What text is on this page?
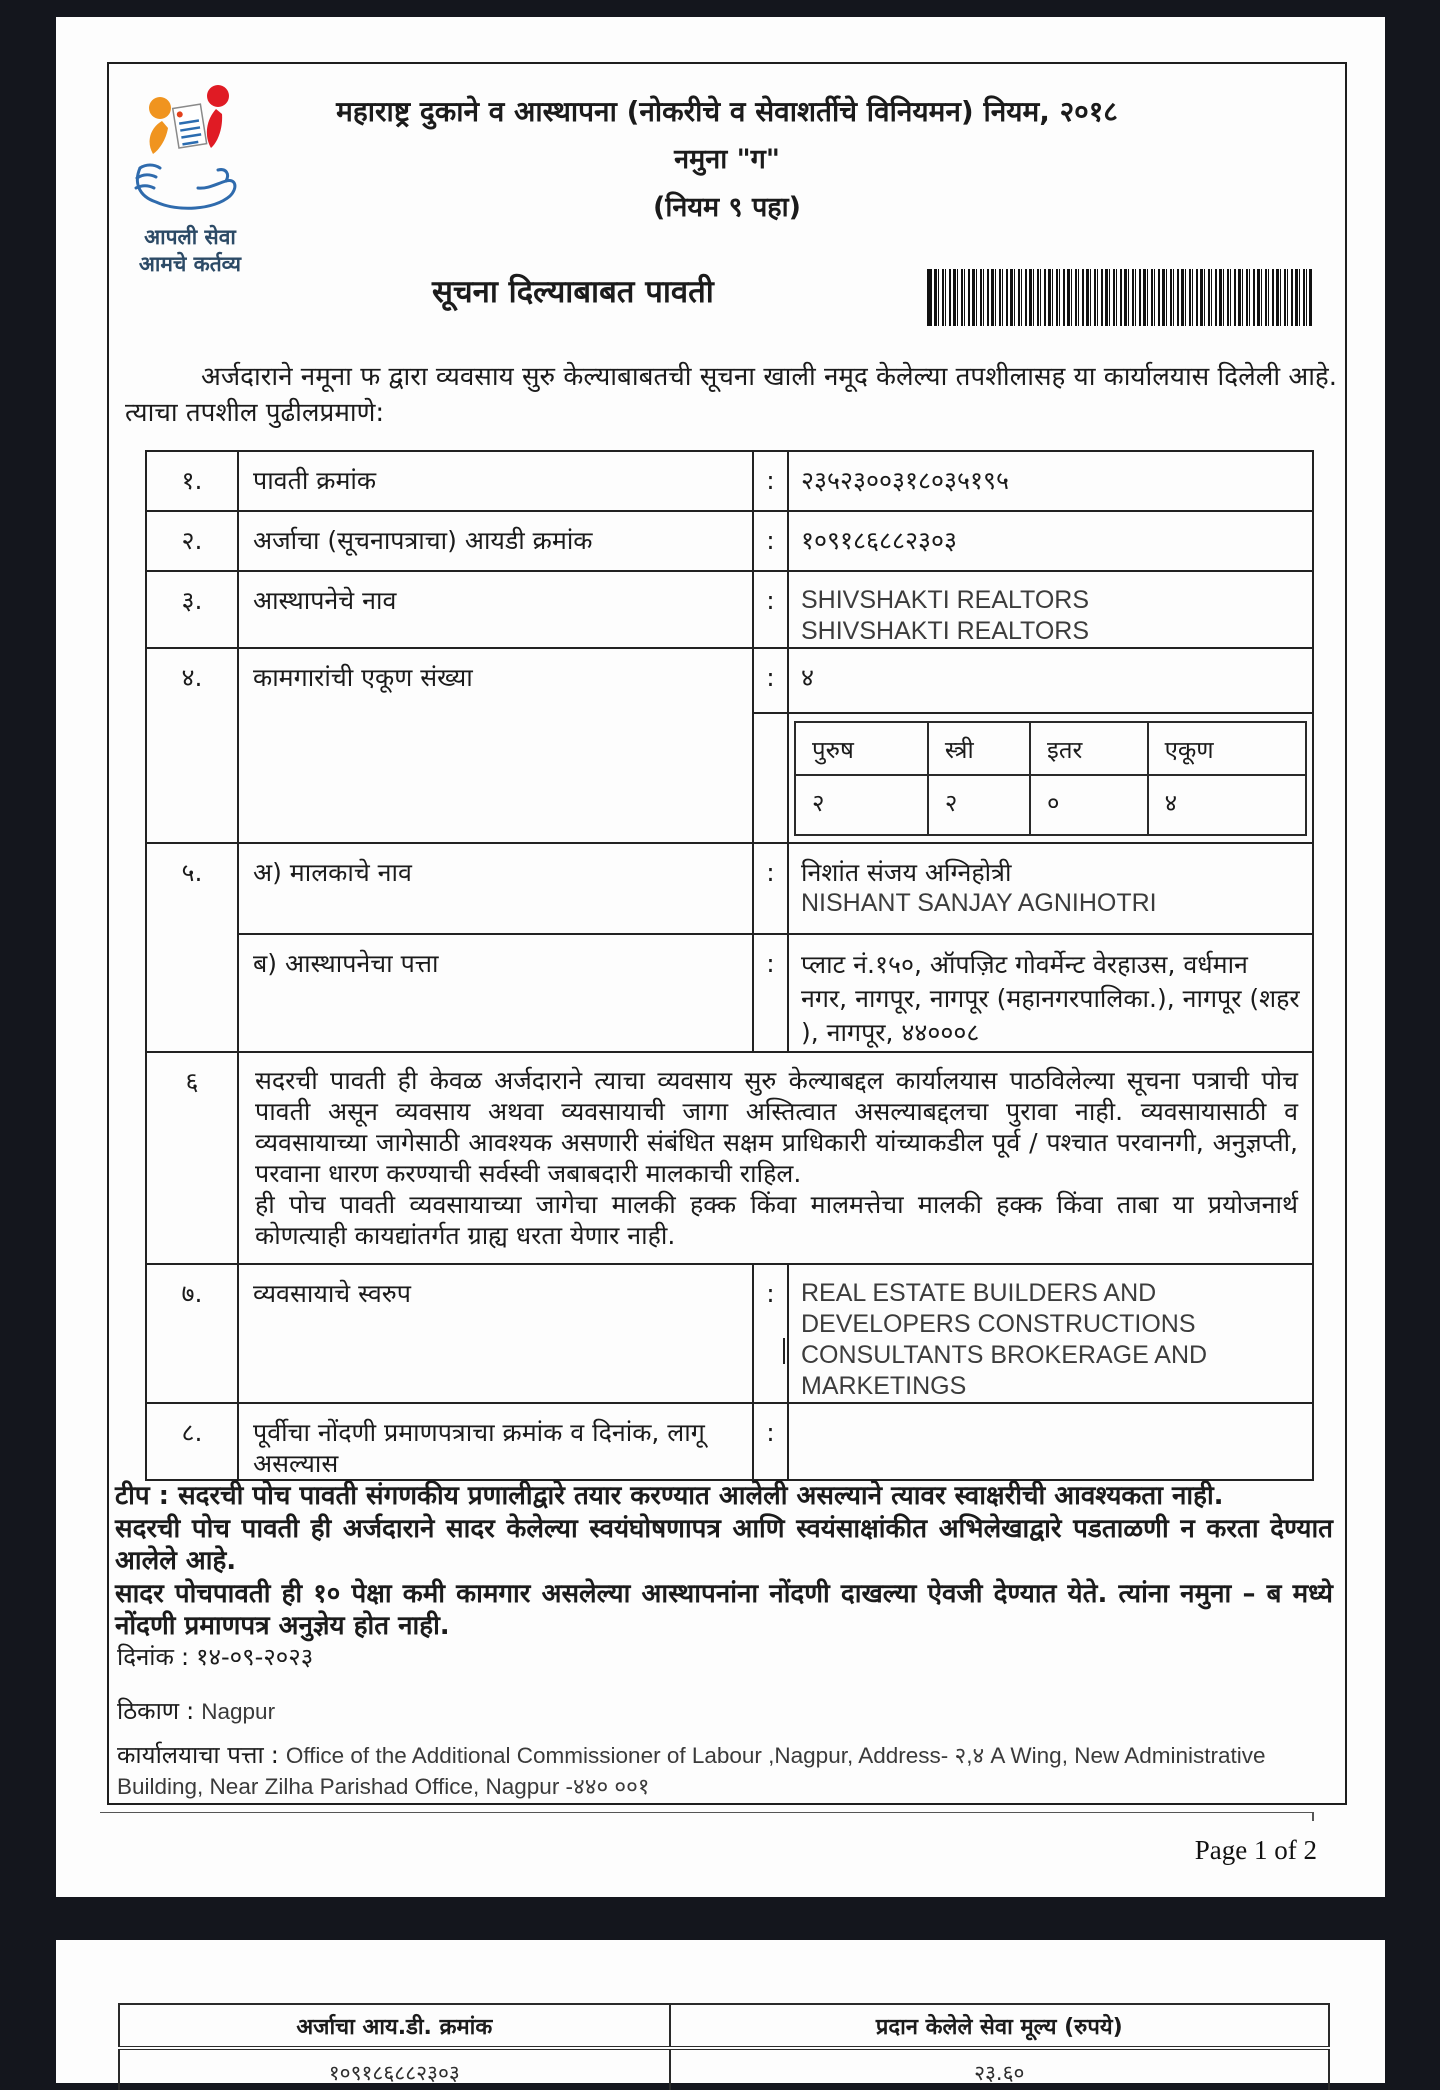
आपली सेवा
आमचे कर्तव्य
महाराष्ट्र दुकाने व आस्थापना (नोकरीचे व सेवाशर्तीचे विनियमन) नियम, २०१८
नमुना "ग"
(नियम ९ पहा)
सूचना दिल्याबाबत पावती
अर्जदाराने नमूना फ द्वारा व्यवसाय सुरु केल्याबाबतची सूचना खाली नमूद केलेल्या तपशीलासह या कार्यालयास दिलेली आहे. त्याचा तपशील पुढीलप्रमाणे:
१.	पावती क्रमांक	:	२३५२३००३१८०३५१९५
२.	अर्जाचा (सूचनापत्राचा) आयडी क्रमांक	:	१०९१८६८८२३०३
३.	आस्थापनेचे नाव	:	SHIVSHAKTI REALTORS
SHIVSHAKTI REALTORS

४.	कामगारांची एकूण संख्या	:	४
पुरुष	स्त्री	इतर	एकूण
२	२	०	४

५.	अ) मालकाचे नाव	:	निशांत संजय अग्निहोत्री
NISHANT SANJAY AGNIHOTRI

ब) आस्थापनेचा पत्ता	:	प्लाट नं.१५०, ऑपज़िट गोवर्मेन्ट वेरहाउस, वर्धमान नगर, नागपूर, नागपूर (महानगरपालिका.), नागपूर (शहर ), नागपूर, ४४०००८
६	सदरची पावती ही केवळ अर्जदाराने त्याचा व्यवसाय सुरु केल्याबद्दल कार्यालयास पाठविलेल्या सूचना पत्राची पोच पावती असून व्यवसाय अथवा व्यवसायाची जागा अस्तित्वात असल्याबद्दलचा पुरावा नाही. व्यवसायासाठी व व्यवसायाच्या जागेसाठी आवश्यक असणारी संबंधित सक्षम प्राधिकारी यांच्याकडील पूर्व / पश्चात परवानगी, अनुज्ञप्ती, परवाना धारण करण्याची सर्वस्वी जबाबदारी मालकाची राहिल.

ही पोच पावती व्यवसायाच्या जागेचा मालकी हक्क किंवा मालमत्तेचा मालकी हक्क किंवा ताबा या प्रयोजनार्थ कोणत्याही कायद्यांतर्गत ग्राह्य धरता येणार नाही.

७.	व्यवसायाचे स्वरुप	:	REAL ESTATE BUILDERS AND DEVELOPERS CONSTRUCTIONS CONSULTANTS BROKERAGE AND MARKETINGS
८.	पूर्वीचा नोंदणी प्रमाणपत्राचा क्रमांक व दिनांक, लागू असल्यास	:	

टीप : सदरची पोच पावती संगणकीय प्रणालीद्वारे तयार करण्यात आलेली असल्याने त्यावर स्वाक्षरीची आवश्यकता नाही.

सदरची पोच पावती ही अर्जदाराने सादर केलेल्या स्वयंघोषणापत्र आणि स्वयंसाक्षांकीत अभिलेखाद्वारे पडताळणी न करता देण्यात आलेले आहे.

सादर पोचपावती ही १० पेक्षा कमी कामगार असलेल्या आस्थापनांना नोंदणी दाखल्या ऐवजी देण्यात येते. त्यांना नमुना – ब मध्ये नोंदणी प्रमाणपत्र अनुज्ञेय होत नाही.

दिनांक : १४-०९-२०२३
ठिकाण : Nagpur
कार्यालयाचा पत्ता : Office of the Additional Commissioner of Labour ,Nagpur, Address- २,४ A Wing, New Administrative Building, Near Zilha Parishad Office, Nagpur -४४० ००१
Page 1 of 2
अर्जाचा आय.डी. क्रमांक	प्रदान केलेले सेवा मूल्य (रुपये)
१०९१८६८८२३०३	२३.६०
